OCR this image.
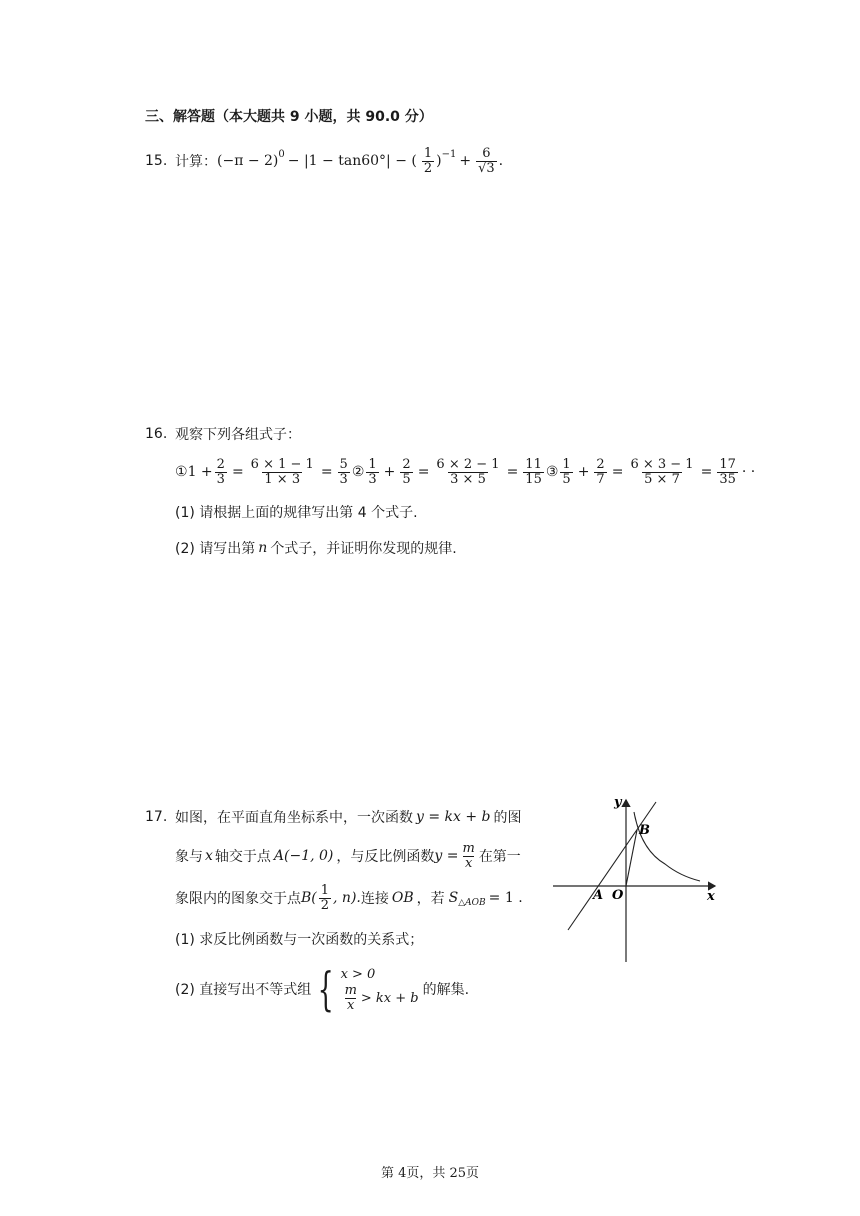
三、解答题（本大题共 9 小题，共 90.0 分）
15. 计算： $(-\pi - 2)^0 - |1 - \tan 60^\circ|$ − ( $\frac{1}{2} )^{-1} + \frac{6}{√3}$ .
16. 观察下列各组式子：
① $1 + \frac{2}{3} = \frac{6 \times 1 - 1}{1 \times 3} = \frac{5}{3}$ ② $\frac{1}{3} + \frac{2}{5} = \frac{6 \times 2 - 1}{3 \times 5} = \frac{11}{15}$ ③ $\frac{1}{5} + \frac{2}{7} = \frac{6 \times 3 - 1}{5 \times 7} = \frac{17}{35}$ · ·
(1) 请根据上面的规律写出第 4 个式子.
(2) 请写出第 n 个式子，并证明你发现的规律.
17. 如图，在平面直角坐标系中，一次函数 y = kx + b 的图
象与 x 轴交于点 A(−1, 0) ，与反比例函数 $y = \frac{m}{x}$ 在第一
象限内的图象交于点 $B( \frac{1}{2}$ , n). 连接 OB ，若 $S_{\triangle AOB} = 1$ .
(1) 求反比例函数与一次函数的关系式；
(2) 直接写出不等式组 { x > 0
$\frac{m}{x}$ > kx + b 的解集.
y
x
O
A
B
第 4页，共 25页
